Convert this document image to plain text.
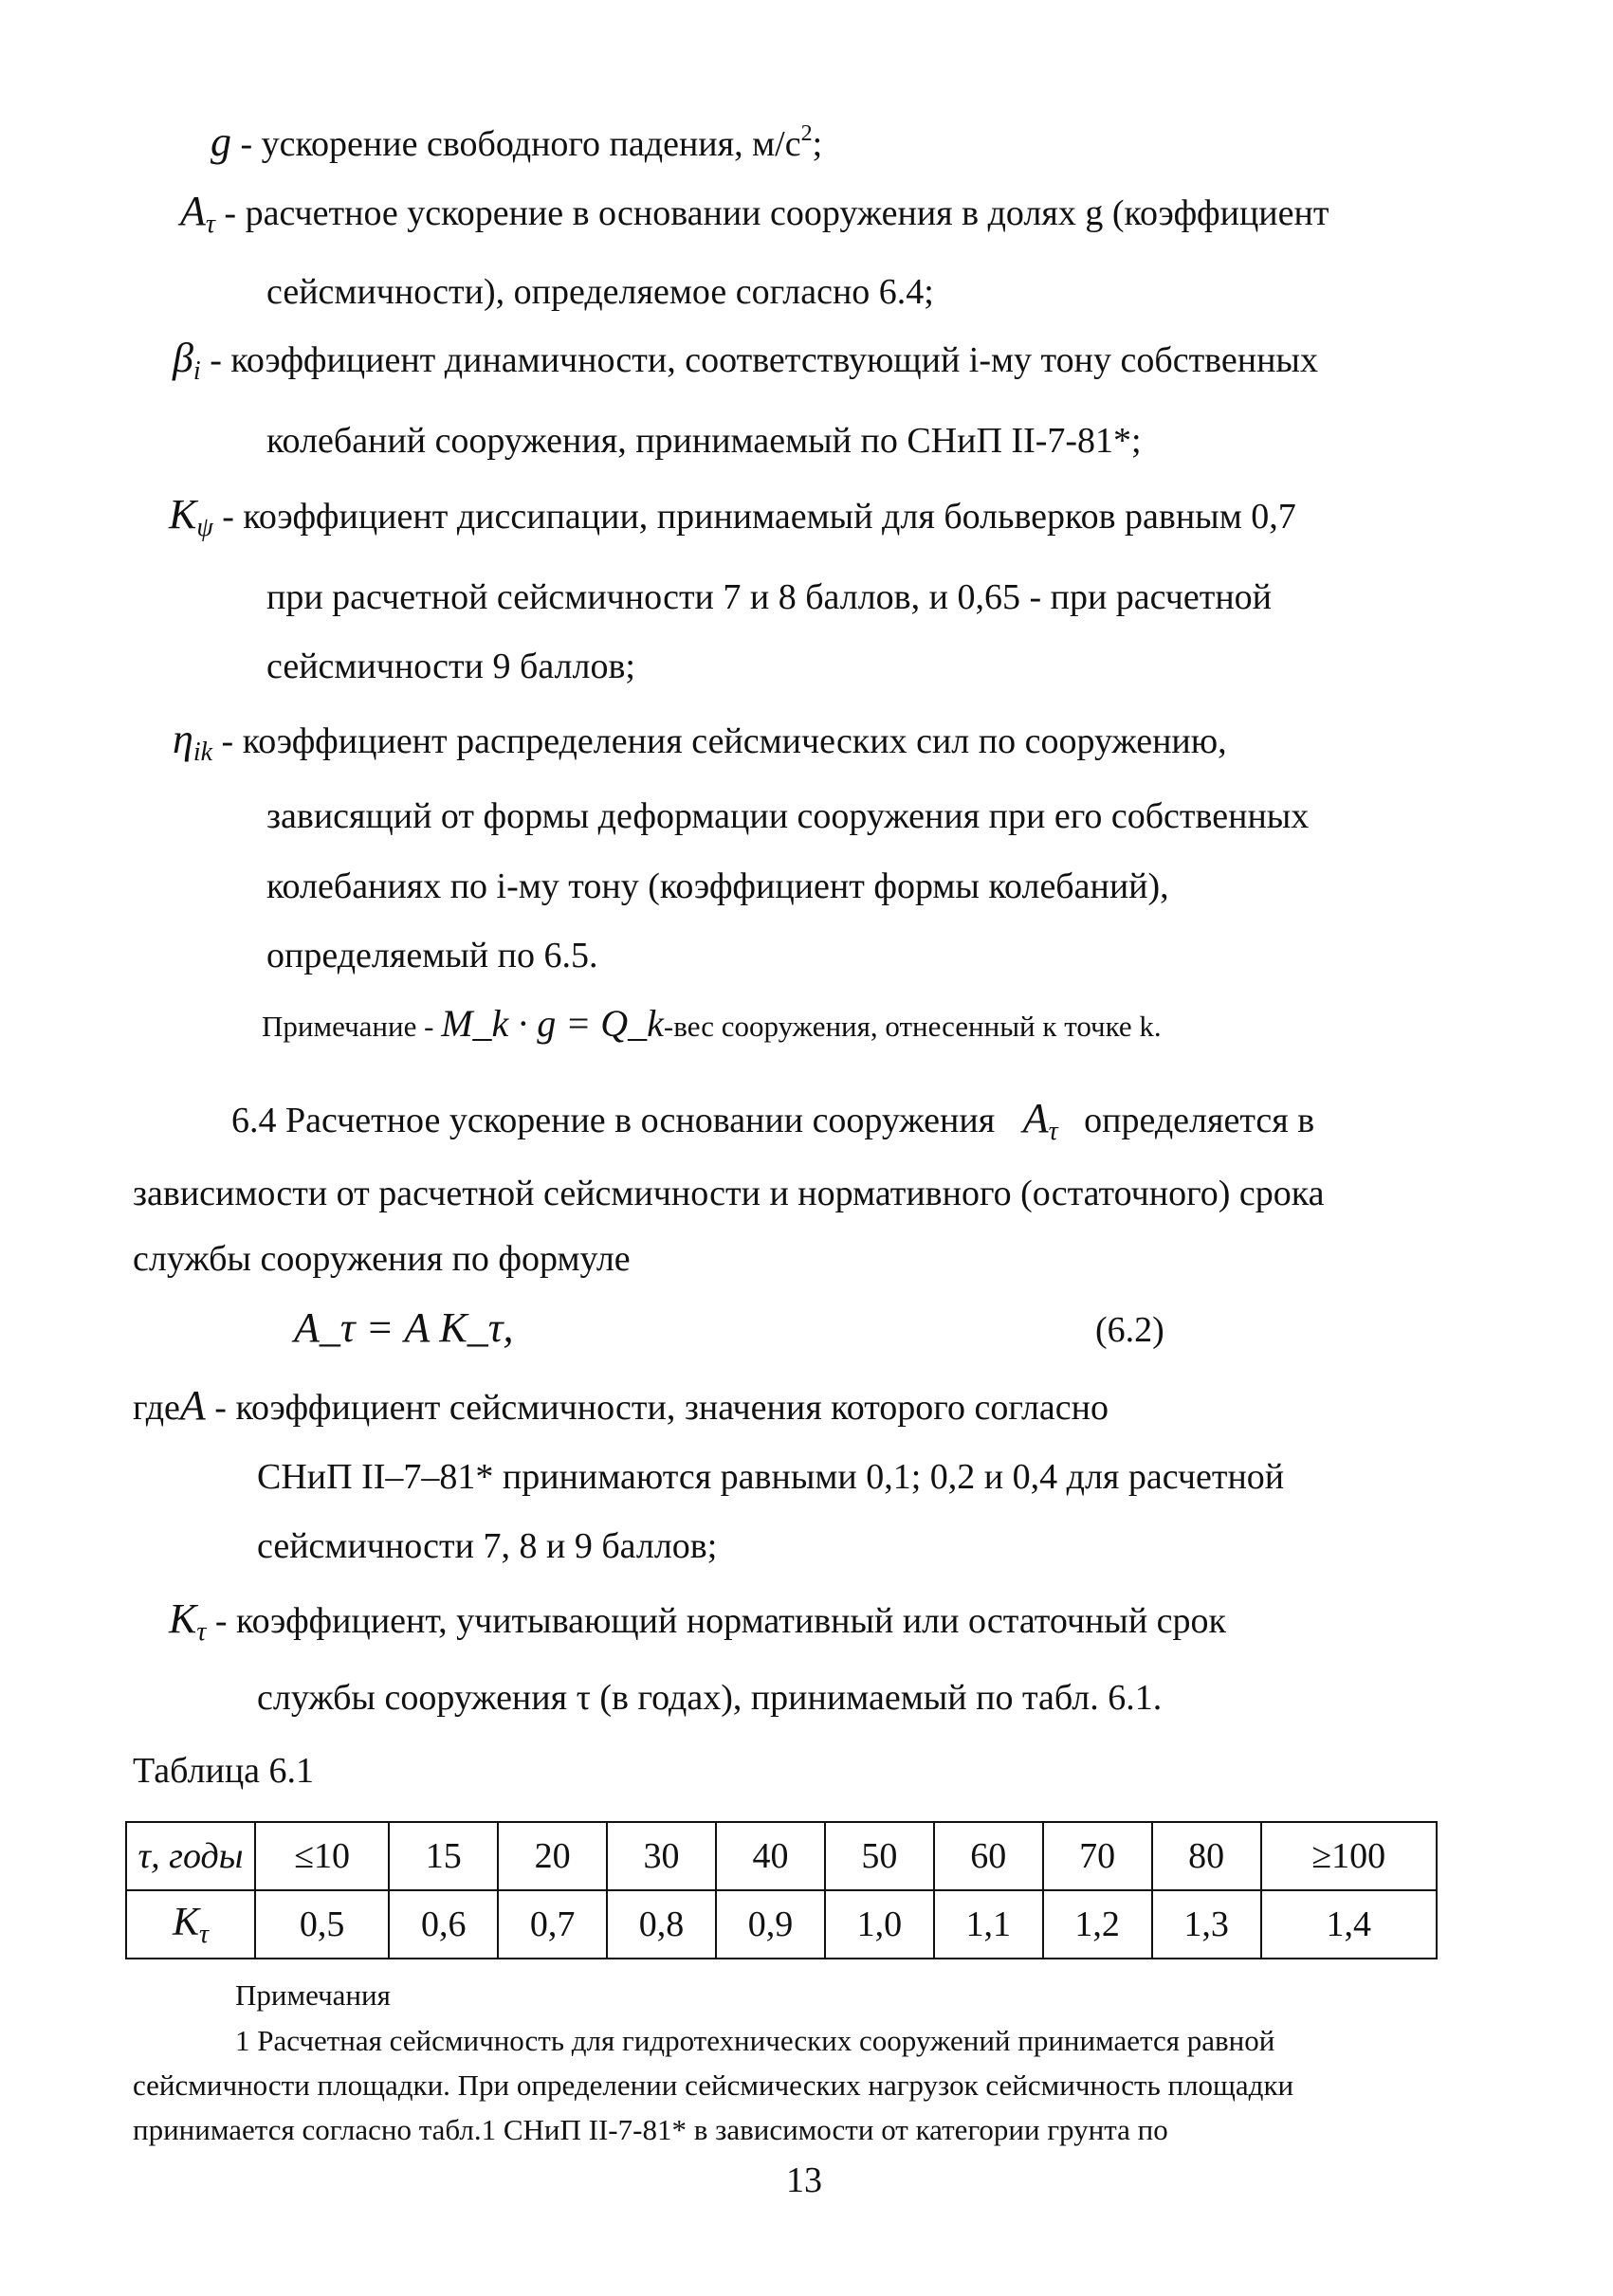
g - ускорение свободного падения, $м/с^2$;
$A_\tau$ - расчетное ускорение в основании сооружения в долях g (коэффициент
сейсмичности), определяемое согласно 6.4;
$\beta_i$ - коэффициент динамичности, соответствующий i-му тону собственных
колебаний сооружения, принимаемый по СНиП II-7-81*;
$K_\psi$ - коэффициент диссипации, принимаемый для больверков равным 0,7
при расчетной сейсмичности 7 и 8 баллов, и 0,65 - при расчетной
сейсмичности 9 баллов;
$\eta_{ik}$ - коэффициент распределения сейсмических сил по сооружению,
зависящий от формы деформации сооружения при его собственных
колебаниях по i-му тону (коэффициент формы колебаний),
определяемый по 6.5.
Примечание - M_k · g = Q_k-вес сооружения, отнесенный к точке k.
6.4 Расчетное ускорение в основании сооружения $A_\tau$ определяется в
зависимости от расчетной сейсмичности и нормативного (остаточного) срока
службы сооружения по формуле
A_τ = A K_τ,	(6.2)
гдеA - коэффициент сейсмичности, значения которого согласно
СНиП II–7–81* принимаются равными 0,1; 0,2 и 0,4 для расчетной
сейсмичности 7, 8 и 9 баллов;
$K_\tau$ - коэффициент, учитывающий нормативный или остаточный срок
службы сооружения τ (в годах), принимаемый по табл. 6.1.
Таблица 6.1
τ, годы	≤10	15	20	30	40	50	60	70	80	≥100
$K_\tau$	0,5	0,6	0,7	0,8	0,9	1,0	1,1	1,2	1,3	1,4
Примечания
1 Расчетная сейсмичность для гидротехнических сооружений принимается равной
сейсмичности площадки. При определении сейсмических нагрузок сейсмичность площадки
принимается согласно табл.1 СНиП II-7-81* в зависимости от категории грунта по
13
